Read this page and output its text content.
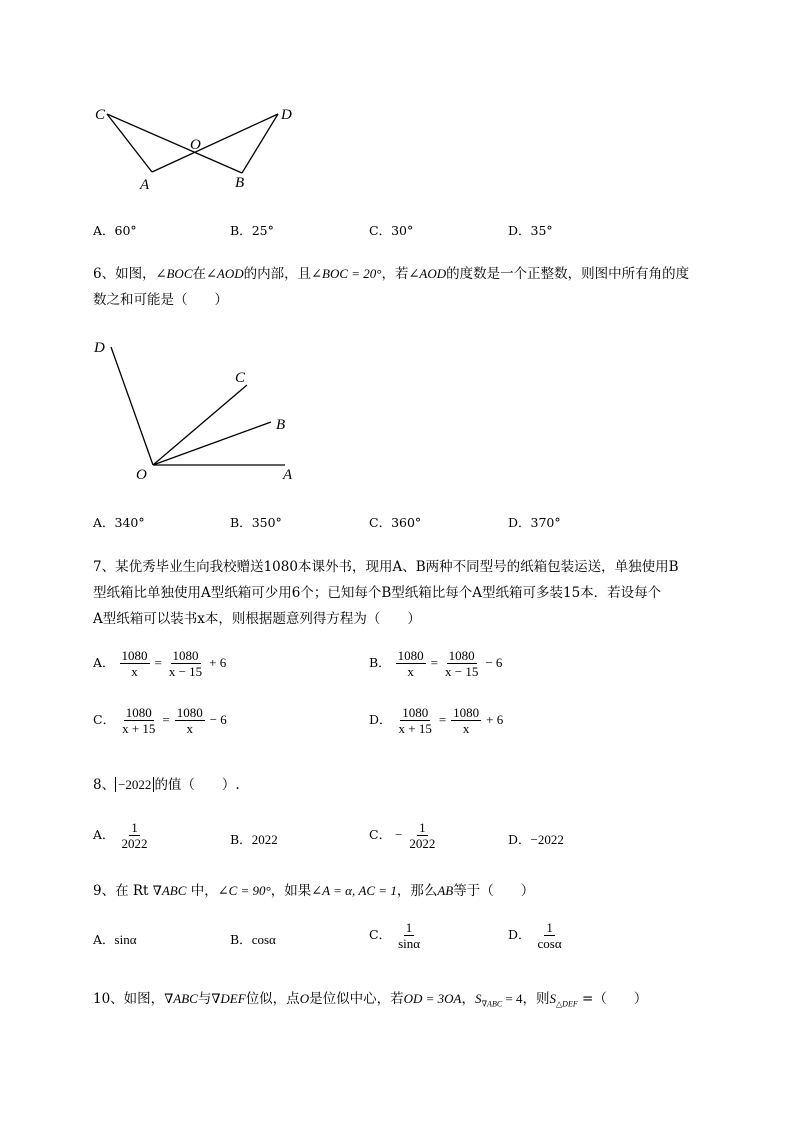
C
O
D
A	B
A．60°	B．25°	C．30°	D．35°
6、如图，∠BOC在∠AOD的内部，且∠BOC = 20°，若∠AOD的度数是一个正整数，则图中所有角的度
数之和可能是（　　）
D
C
B
O	A
A．340°	B．350°	C．360°	D．370°
7、某优秀毕业生向我校赠送1080本课外书，现用A、B两种不同型号的纸箱包装运送，单独使用B
型纸箱比单独使用A型纸箱可少用6个；已知每个B型纸箱比每个A型纸箱可多装15本．若设每个
A型纸箱可以装书x本，则根据题意列得方程为（　　）
A． $\frac{1080}{x} = \frac{1080}{x - 15} + 6$	B． $\frac{1080}{x} = \frac{1080}{x - 15} - 6$
C． $\frac{1080}{x + 15} = \frac{1080}{x} - 6$	D． $\frac{1080}{x + 15} = \frac{1080}{x} + 6$
8、 −2022 的值（　　）.
A． $\frac{1}{2022}$	B．2022	C． − $\frac{1}{2022}$	D．−2022
9、在 Rt ∇ABC 中，∠C = 90°，如果∠A = α, AC = 1，那么AB等于（　　）
A．sinα	B．cosα	C． $\frac{1}{\sin\alpha}$	D． $\frac{1}{\cos\alpha}$
10、如图，∇ABC与∇DEF位似，点O是位似中心，若OD = 3OA，$S_{\nabla ABC} = 4$，则$S_{\triangle DEF}$ =（　　）
